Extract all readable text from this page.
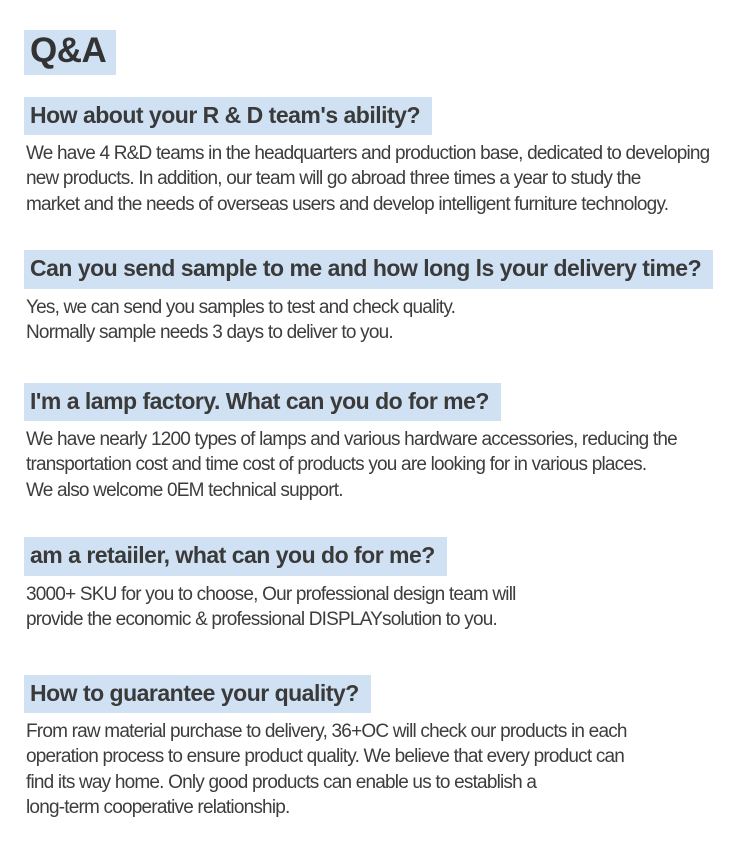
Q&A
How about your R & D team's ability?
We have 4 R&D teams in the headquarters and production base, dedicated to developing
new products. In addition, our team will go abroad three times a year to study the
market and the needs of overseas users and develop intelligent furniture technology.
Can you send sample to me and how long ls your delivery time?
Yes, we can send you samples to test and check quality.
Normally sample needs 3 days to deliver to you.
I'm a lamp factory. What can you do for me?
We have nearly 1200 types of lamps and various hardware accessories, reducing the
transportation cost and time cost of products you are looking for in various places.
We also welcome 0EM technical support.
am a retaiiler, what can you do for me?
3000+ SKU for you to choose, Our professional design team will
provide the economic & professional DISPLAYsolution to you.
How to guarantee your quality?
From raw material purchase to delivery, 36+OC will check our products in each
operation process to ensure product quality. We believe that every product can
find its way home. Only good products can enable us to establish a
long-term cooperative relationship.
